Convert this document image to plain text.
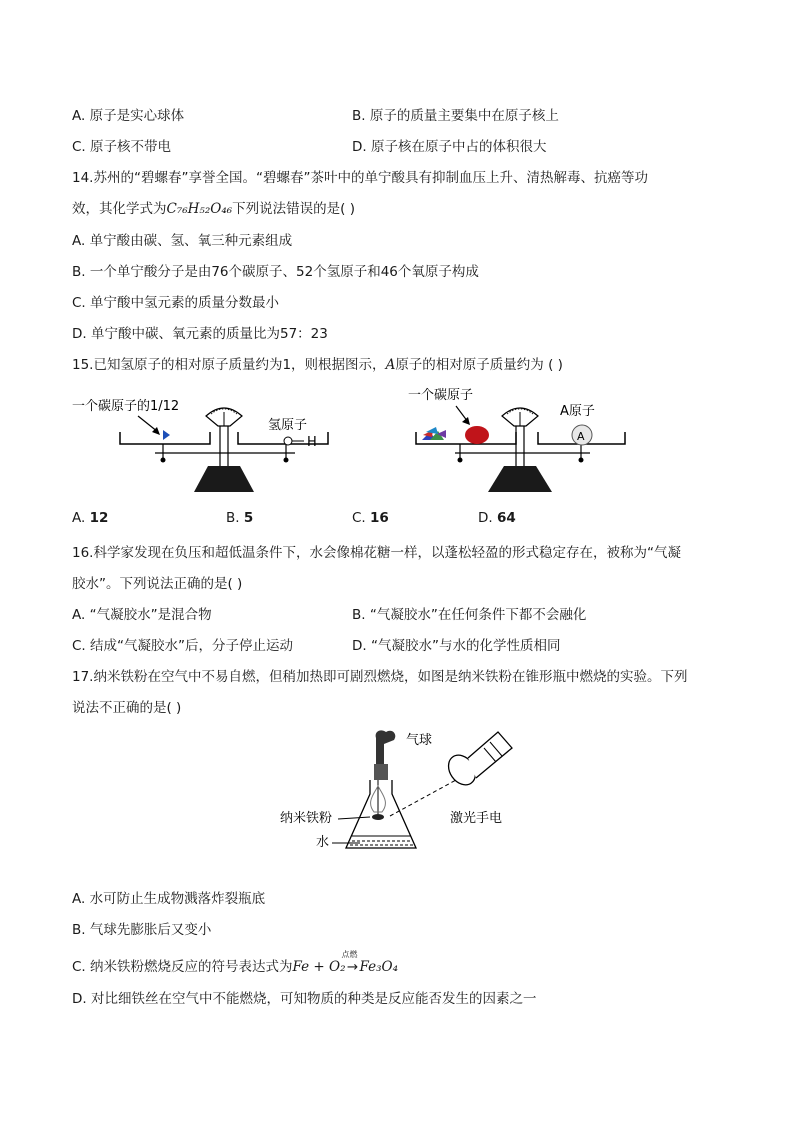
A. 原子是实心球体	B. 原子的质量主要集中在原子核上
C. 原子核不带电	D. 原子核在原子中占的体积很大
14.苏州的“碧螺春”享誉全国。“碧螺春”茶叶中的单宁酸具有抑制血压上升、清热解毒、抗癌等功
效，其化学式为C₇₆H₅₂O₄₆下列说法错误的是( )
A. 单宁酸由碳、氢、氧三种元素组成
B. 一个单宁酸分子是由76个碳原子、52个氢原子和46个氧原子构成
C. 单宁酸中氢元素的质量分数最小
D. 单宁酸中碳、氧元素的质量比为57：23
15.已知氢原子的相对原子质量约为1，则根据图示，A原子的相对原子质量约为 ( )
一个碳原子的1/12
氢原子
H
一个碳原子
A原子
A
A. 12	B. 5	C. 16	D. 64
16.科学家发现在负压和超低温条件下，水会像棉花糖一样，以蓬松轻盈的形式稳定存在，被称为“气凝
胶水”。下列说法正确的是( )
A. “气凝胶水”是混合物	B. “气凝胶水”在任何条件下都不会融化
C. 结成“气凝胶水”后，分子停止运动	D. “气凝胶水”与水的化学性质相同
17.纳米铁粉在空气中不易自燃，但稍加热即可剧烈燃烧，如图是纳米铁粉在锥形瓶中燃烧的实验。下列
说法不正确的是( )
气球
纳米铁粉
水
激光手电
A. 水可防止生成物溅落炸裂瓶底
B. 气球先膨胀后又变小
C. 纳米铁粉燃烧反应的符号表达式为Fe + O₂
点燃
→Fe₃O₄
D. 对比细铁丝在空气中不能燃烧，可知物质的种类是反应能否发生的因素之一
